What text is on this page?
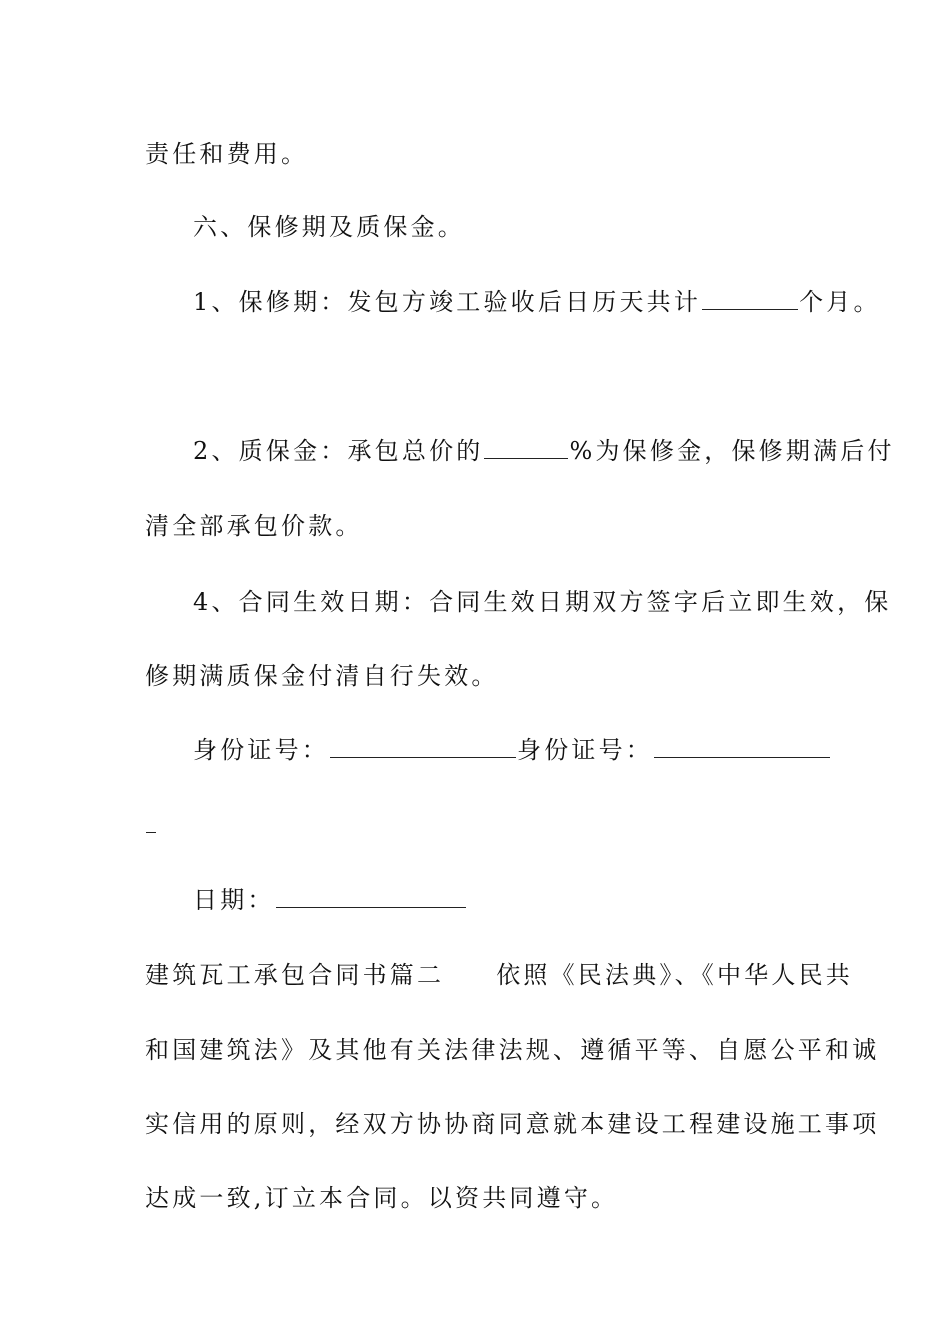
责任和费用。
六、保修期及质保金。
1、保修期：发包方竣工验收后日历天共计	个月。
2、质保金：承包总价的	%为保修金，保修期满后付
清全部承包价款。
4、合同生效日期：合同生效日期双方签字后立即生效，保
修期满质保金付清自行失效。
身份证号：	身份证号：
日期：
建筑瓦工承包合同书篇二 依照《民法典》、《中华人民共
和国建筑法》及其他有关法律法规、遵循平等、自愿公平和诚
实信用的原则，经双方协协商同意就本建设工程建设施工事项
达成一致,订立本合同。以资共同遵守。
